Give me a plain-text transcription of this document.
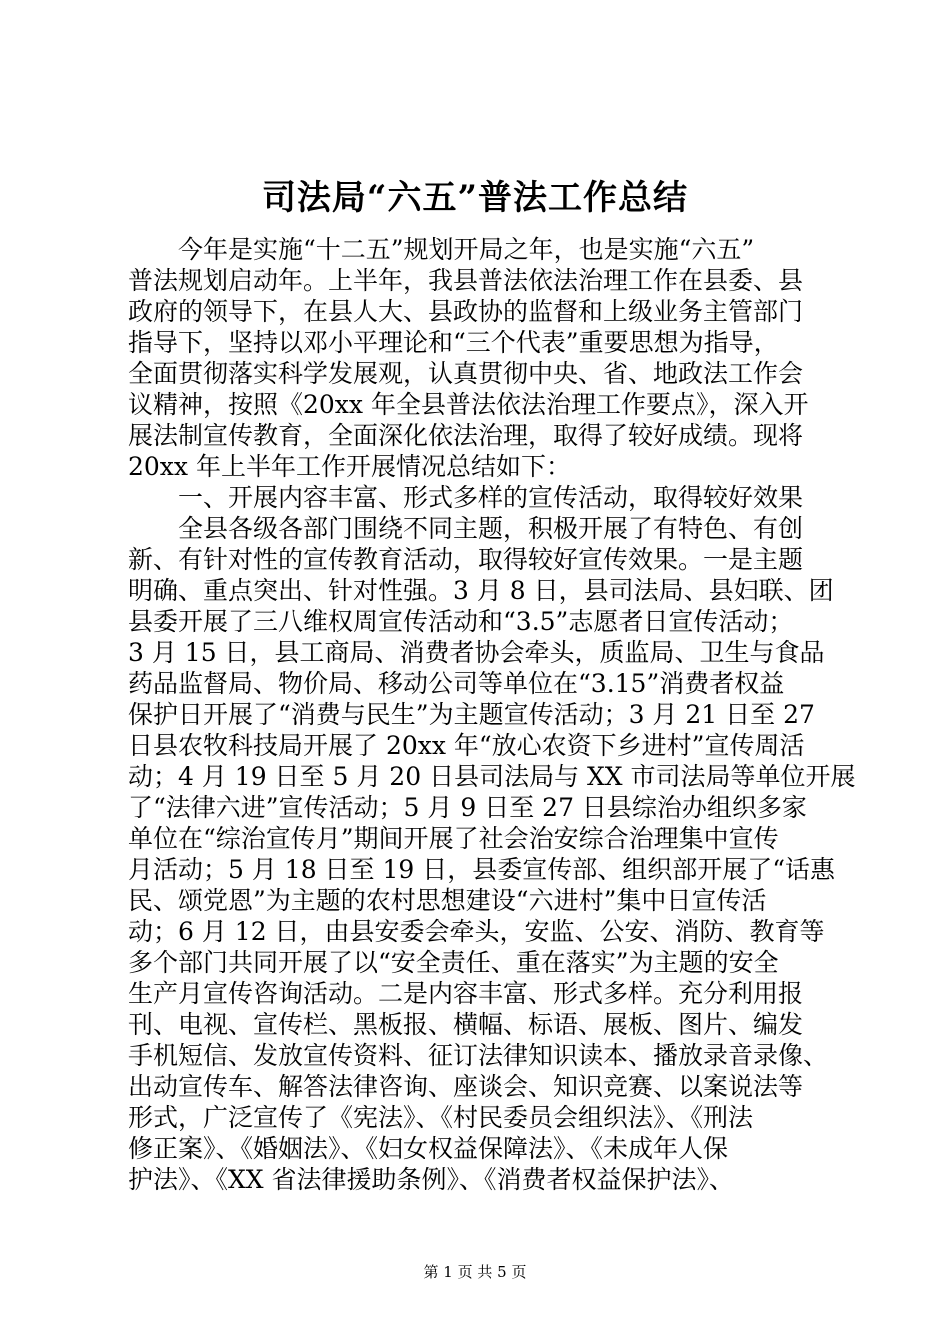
司法局“六五”普法工作总结
今年是实施“十二五”规划开局之年，也是实施“六五”
普法规划启动年。上半年，我县普法依法治理工作在县委、县
政府的领导下，在县人大、县政协的监督和上级业务主管部门
指导下，坚持以邓小平理论和“三个代表”重要思想为指导，
全面贯彻落实科学发展观，认真贯彻中央、省、地政法工作会
议精神，按照《20xx 年全县普法依法治理工作要点》，深入开
展法制宣传教育，全面深化依法治理，取得了较好成绩。现将
20xx 年上半年工作开展情况总结如下：
一、开展内容丰富、形式多样的宣传活动，取得较好效果
全县各级各部门围绕不同主题，积极开展了有特色、有创
新、有针对性的宣传教育活动，取得较好宣传效果。一是主题
明确、重点突出、针对性强。3 月 8 日，县司法局、县妇联、团
县委开展了三八维权周宣传活动和“3.5”志愿者日宣传活动；
3 月 15 日，县工商局、消费者协会牵头，质监局、卫生与食品
药品监督局、物价局、移动公司等单位在“3.15”消费者权益
保护日开展了“消费与民生”为主题宣传活动；3 月 21 日至 27
日县农牧科技局开展了 20xx 年“放心农资下乡进村”宣传周活
动；4 月 19 日至 5 月 20 日县司法局与 XX 市司法局等单位开展
了“法律六进”宣传活动；5 月 9 日至 27 日县综治办组织多家
单位在“综治宣传月”期间开展了社会治安综合治理集中宣传
月活动；5 月 18 日至 19 日，县委宣传部、组织部开展了“话惠
民、颂党恩”为主题的农村思想建设“六进村”集中日宣传活
动；6 月 12 日，由县安委会牵头，安监、公安、消防、教育等
多个部门共同开展了以“安全责任、重在落实”为主题的安全
生产月宣传咨询活动。二是内容丰富、形式多样。充分利用报
刊、电视、宣传栏、黑板报、横幅、标语、展板、图片、编发
手机短信、发放宣传资料、征订法律知识读本、播放录音录像、
出动宣传车、解答法律咨询、座谈会、知识竞赛、以案说法等
形式，广泛宣传了《宪法》、《村民委员会组织法》、《刑法
修正案》、《婚姻法》、《妇女权益保障法》、《未成年人保
护法》、《XX 省法律援助条例》、《消费者权益保护法》、
第 1 页 共 5 页
